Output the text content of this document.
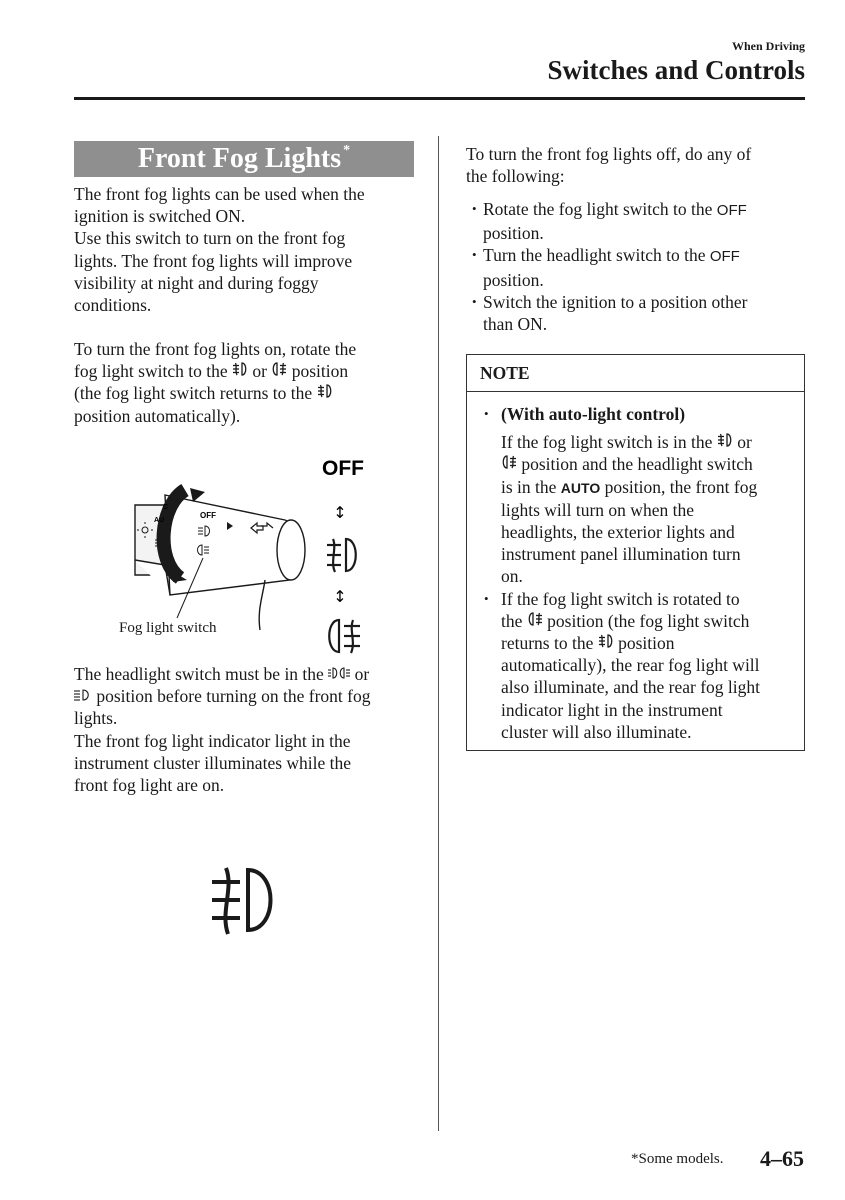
When Driving
Switches and Controls
Front Fog Lights*
The front fog lights can be used when the
ignition is switched ON.
Use this switch to turn on the front fog
lights. The front fog lights will improve
visibility at night and during foggy
conditions.
To turn the front fog lights on, rotate the
fog light switch to the  or  position
(the fog light switch returns to the
position automatically).
OFF
AU
C
OFF
↕
↕
Fog light switch
The headlight switch must be in the  or
position before turning on the front fog
lights.
The front fog light indicator light in the
instrument cluster illuminates while the
front fog light are on.
To turn the front fog lights off, do any of
the following:
• Rotate the fog light switch to the OFF
position.
• Turn the headlight switch to the OFF
position.
• Switch the ignition to a position other
than ON.
NOTE
• (With auto-light control)
If the fog light switch is in the  or
position and the headlight switch
is in the AUTO position, the front fog
lights will turn on when the
headlights, the exterior lights and
instrument panel illumination turn
on.
• If the fog light switch is rotated to
the  position (the fog light switch
returns to the  position
automatically), the rear fog light will
also illuminate, and the rear fog light
indicator light in the instrument
cluster will also illuminate.
*Some models. 4–65
